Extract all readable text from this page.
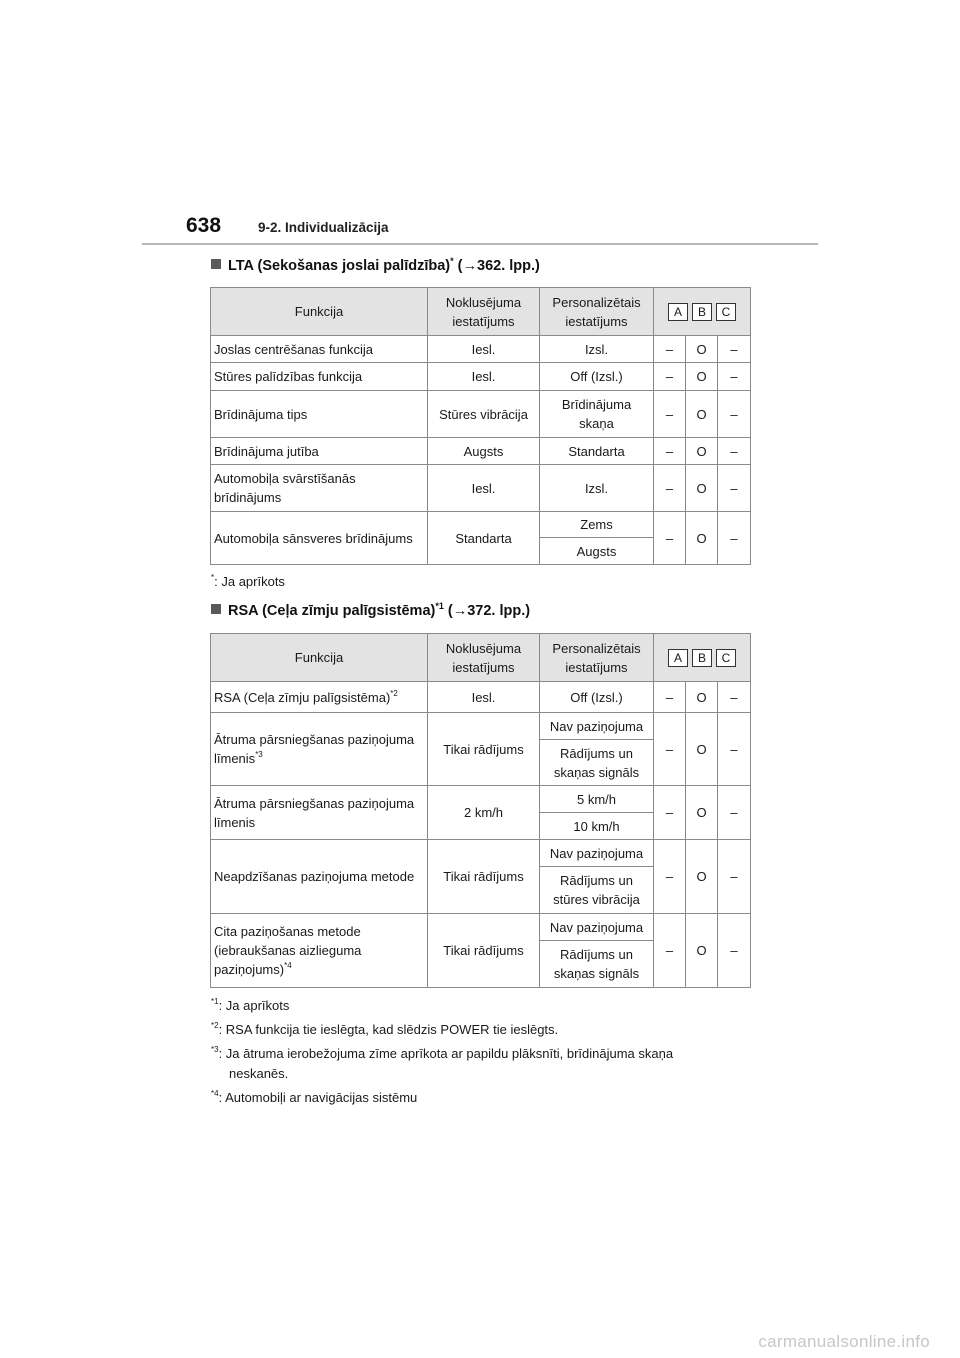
638	9-2. Individualizācija
LTA (Sekošanas joslai palīdzība)* (→362. lpp.)
Funkcija	Noklusējuma iestatījums	Personalizētais iestatījums	A B C		

Joslas centrēšanas funkcija	Iesl.	Izsl.	–	O	–
Stūres palīdzības funkcija	Iesl.	Off (Izsl.)	–	O	–
Brīdinājuma tips	Stūres vibrācija	Brīdinājuma skaņa	–	O	–
Brīdinājuma jutība	Augsts	Standarta	–	O	–
Automobiļa svārstīšanās brīdinājums	Iesl.	Izsl.	–	O	–
Automobiļa sānsveres brīdinājums	Standarta	Zems	–	O	–
		Augsts			
*: Ja aprīkots
RSA (Ceļa zīmju palīgsistēma)$^{*1}$ (→372. lpp.)
Funkcija	Noklusējuma iestatījums	Personalizētais iestatījums	A B C		

RSA (Ceļa zīmju palīgsistēma)$^{*2}$	Iesl.	Off (Izsl.)	–	O	–
Ātruma pārsniegšanas paziņojuma līmenis$^{*3}$	Tikai rādījums	Nav paziņojuma	–	O	–
		Rādījums un skaņas signāls			
Ātruma pārsniegšanas paziņojuma līmenis	2 km/h	5 km/h	–	O	–
		10 km/h			
Neapdzīšanas paziņojuma metode	Tikai rādījums	Nav paziņojuma	–	O	–
		Rādījums un stūres vibrācija			
Cita paziņošanas metode (iebraukšanas aizlieguma paziņojums)$^{*4}$	Tikai rādījums	Nav paziņojuma	–	O	–
		Rādījums un skaņas signāls			
$^{*1}$: Ja aprīkots
$^{*2}$: RSA funkcija tie ieslēgta, kad slēdzis POWER tie ieslēgts.
$^{*3}$: Ja ātruma ierobežojuma zīme aprīkota ar papildu plāksnīti, brīdinājuma skaņa
neskanēs.
$^{*4}$: Automobiļi ar navigācijas sistēmu
carmanualsonline.info
